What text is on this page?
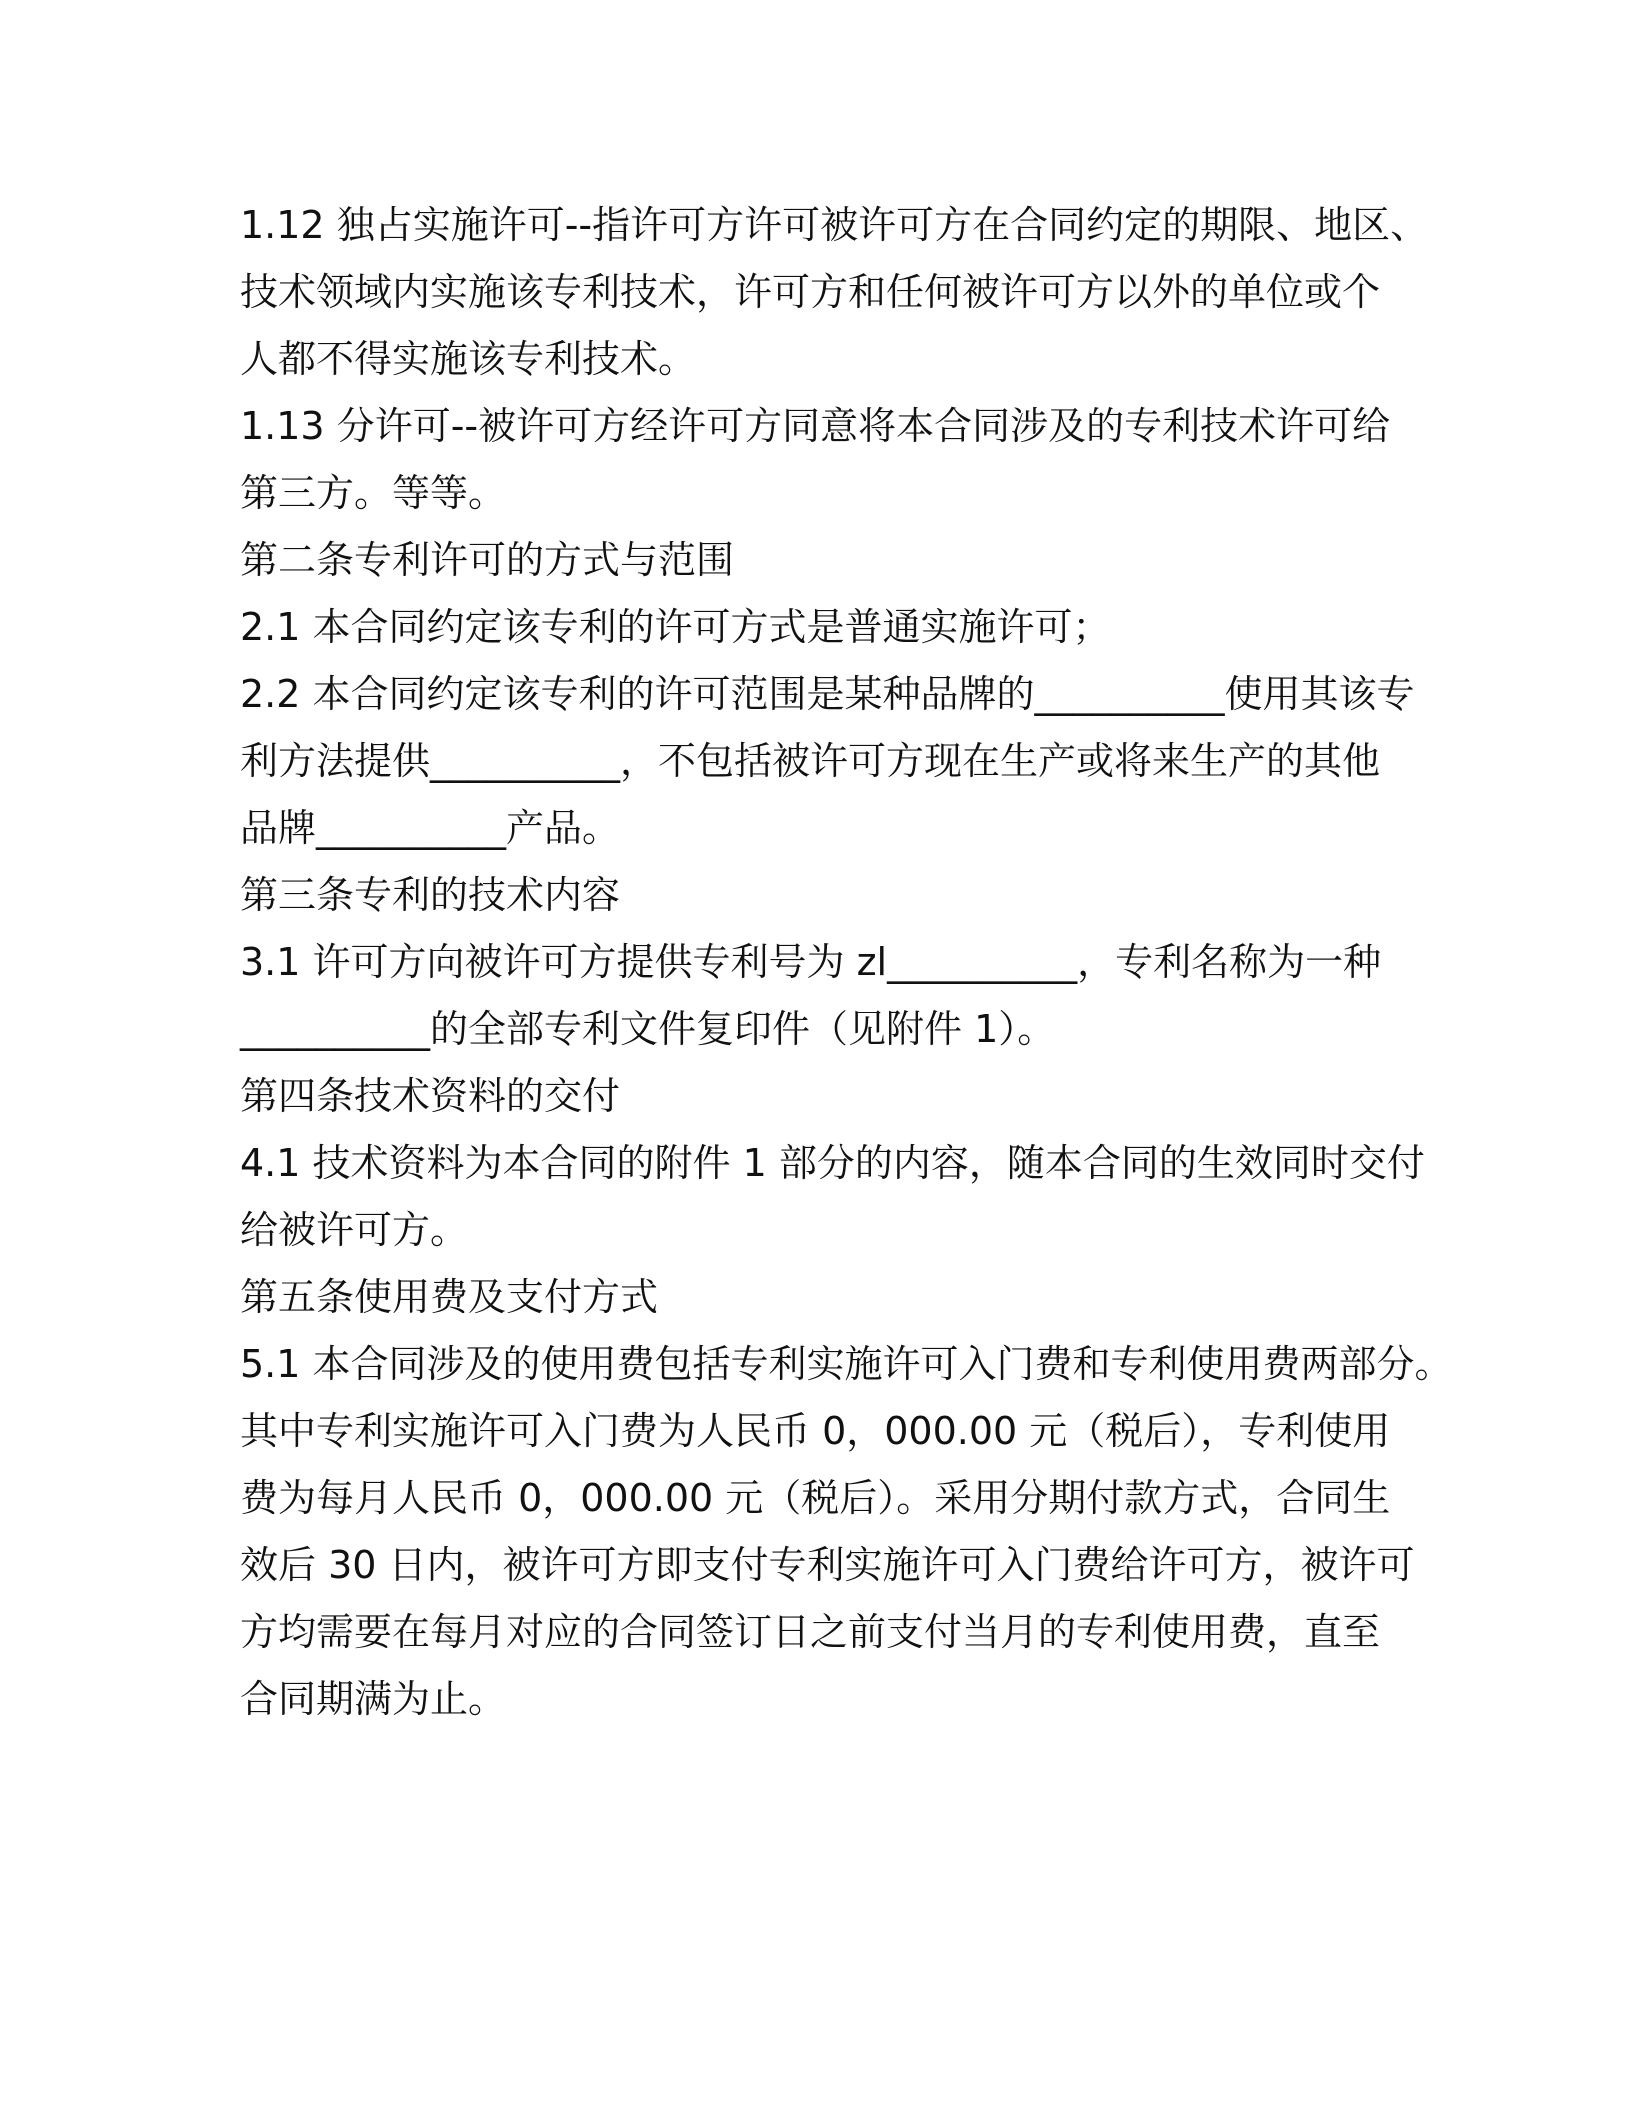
1.12 独占实施许可--指许可方许可被许可方在合同约定的期限、地区、
技术领域内实施该专利技术，许可方和任何被许可方以外的单位或个
人都不得实施该专利技术。
1.13 分许可--被许可方经许可方同意将本合同涉及的专利技术许可给
第三方。等等。
第二条专利许可的方式与范围
2.1 本合同约定该专利的许可方式是普通实施许可；
2.2 本合同约定该专利的许可范围是某种品牌的__________使用其该专
利方法提供__________，不包括被许可方现在生产或将来生产的其他
品牌__________产品。
第三条专利的技术内容
3.1 许可方向被许可方提供专利号为 zl__________，专利名称为一种
__________的全部专利文件复印件（见附件 1）。
第四条技术资料的交付
4.1 技术资料为本合同的附件 1 部分的内容，随本合同的生效同时交付
给被许可方。
第五条使用费及支付方式
5.1 本合同涉及的使用费包括专利实施许可入门费和专利使用费两部分。
其中专利实施许可入门费为人民币 0，000.00 元（税后），专利使用
费为每月人民币 0，000.00 元（税后）。采用分期付款方式，合同生
效后 30 日内，被许可方即支付专利实施许可入门费给许可方，被许可
方均需要在每月对应的合同签订日之前支付当月的专利使用费，直至
合同期满为止。
